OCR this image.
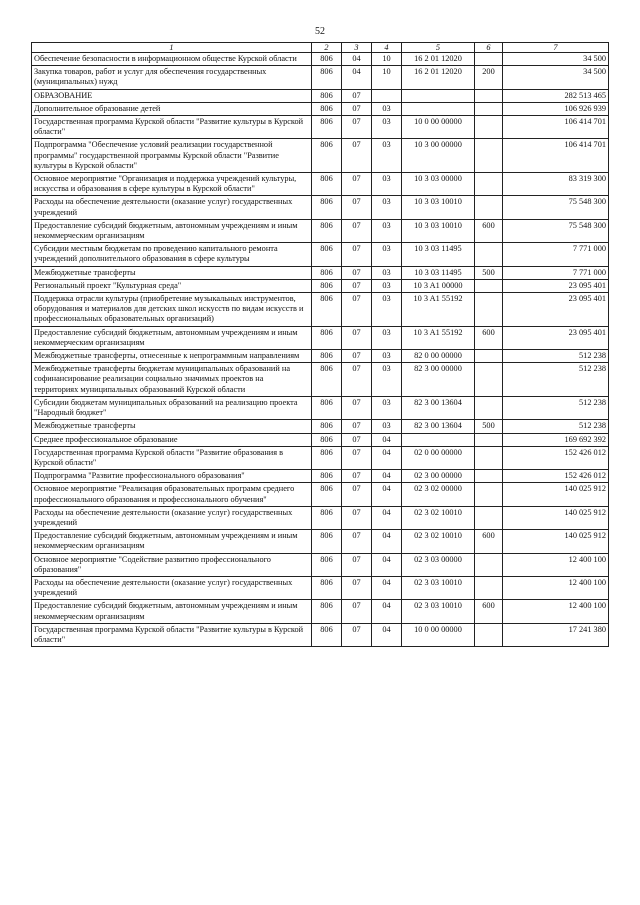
52
1	2	3	4	5	6	7
Обеспечение безопасности в информационном обществе Курской области	806	04	10	16 2 01 12020		34 500
Закупка товаров, работ и услуг для обеспечения государственных (муниципальных) нужд	806	04	10	16 2 01 12020	200	34 500
ОБРАЗОВАНИЕ	806	07				282 513 465
Дополнительное образование детей	806	07	03			106 926 939
Государственная программа Курской области "Развитие культуры в Курской области"	806	07	03	10 0 00 00000		106 414 701
Подпрограмма "Обеспечение условий реализации государственной программы" государственной программы Курской области "Развитие культуры в Курской области"	806	07	03	10 3 00 00000		106 414 701
Основное мероприятие "Организация и поддержка учреждений культуры, искусства и образования в сфере культуры в Курской области"	806	07	03	10 3 03 00000		83 319 300
Расходы на обеспечение деятельности (оказание услуг) государственных учреждений	806	07	03	10 3 03 10010		75 548 300
Предоставление субсидий бюджетным, автономным учреждениям и иным некоммерческим организациям	806	07	03	10 3 03 10010	600	75 548 300
Субсидии местным бюджетам по проведению капитального ремонта учреждений дополнительного образования в сфере культуры	806	07	03	10 3 03 11495		7 771 000
Межбюджетные трансферты	806	07	03	10 3 03 11495	500	7 771 000
Региональный проект "Культурная среда"	806	07	03	10 3 A1 00000		23 095 401
Поддержка отрасли культуры (приобретение музыкальных инструментов, оборудования и материалов для детских школ искусств по видам искусств и профессиональных образовательных организаций)	806	07	03	10 3 A1 55192		23 095 401
Предоставление субсидий бюджетным, автономным учреждениям и иным некоммерческим организациям	806	07	03	10 3 A1 55192	600	23 095 401
Межбюджетные трансферты, отнесенные к непрограммным направлениям	806	07	03	82 0 00 00000		512 238
Межбюджетные трансферты бюджетам муниципальных образований на софинансирование реализации социально значимых проектов на территориях муниципальных образований Курской области	806	07	03	82 3 00 00000		512 238
Субсидии бюджетам муниципальных образований на реализацию проекта "Народный бюджет"	806	07	03	82 3 00 13604		512 238
Межбюджетные трансферты	806	07	03	82 3 00 13604	500	512 238
Среднее профессиональное образование	806	07	04			169 692 392
Государственная программа Курской области "Развитие образования в Курской области"	806	07	04	02 0 00 00000		152 426 012
Подпрограмма "Развитие профессионального образования"	806	07	04	02 3 00 00000		152 426 012
Основное мероприятие "Реализация образовательных программ среднего профессионального образования и профессионального обучения"	806	07	04	02 3 02 00000		140 025 912
Расходы на обеспечение деятельности (оказание услуг) государственных учреждений	806	07	04	02 3 02 10010		140 025 912
Предоставление субсидий бюджетным, автономным учреждениям и иным некоммерческим организациям	806	07	04	02 3 02 10010	600	140 025 912
Основное мероприятие "Содействие развитию профессионального образования"	806	07	04	02 3 03 00000		12 400 100
Расходы на обеспечение деятельности (оказание услуг) государственных учреждений	806	07	04	02 3 03 10010		12 400 100
Предоставление субсидий бюджетным, автономным учреждениям и иным некоммерческим организациям	806	07	04	02 3 03 10010	600	12 400 100
Государственная программа Курской области "Развитие культуры в Курской области"	806	07	04	10 0 00 00000		17 241 380
